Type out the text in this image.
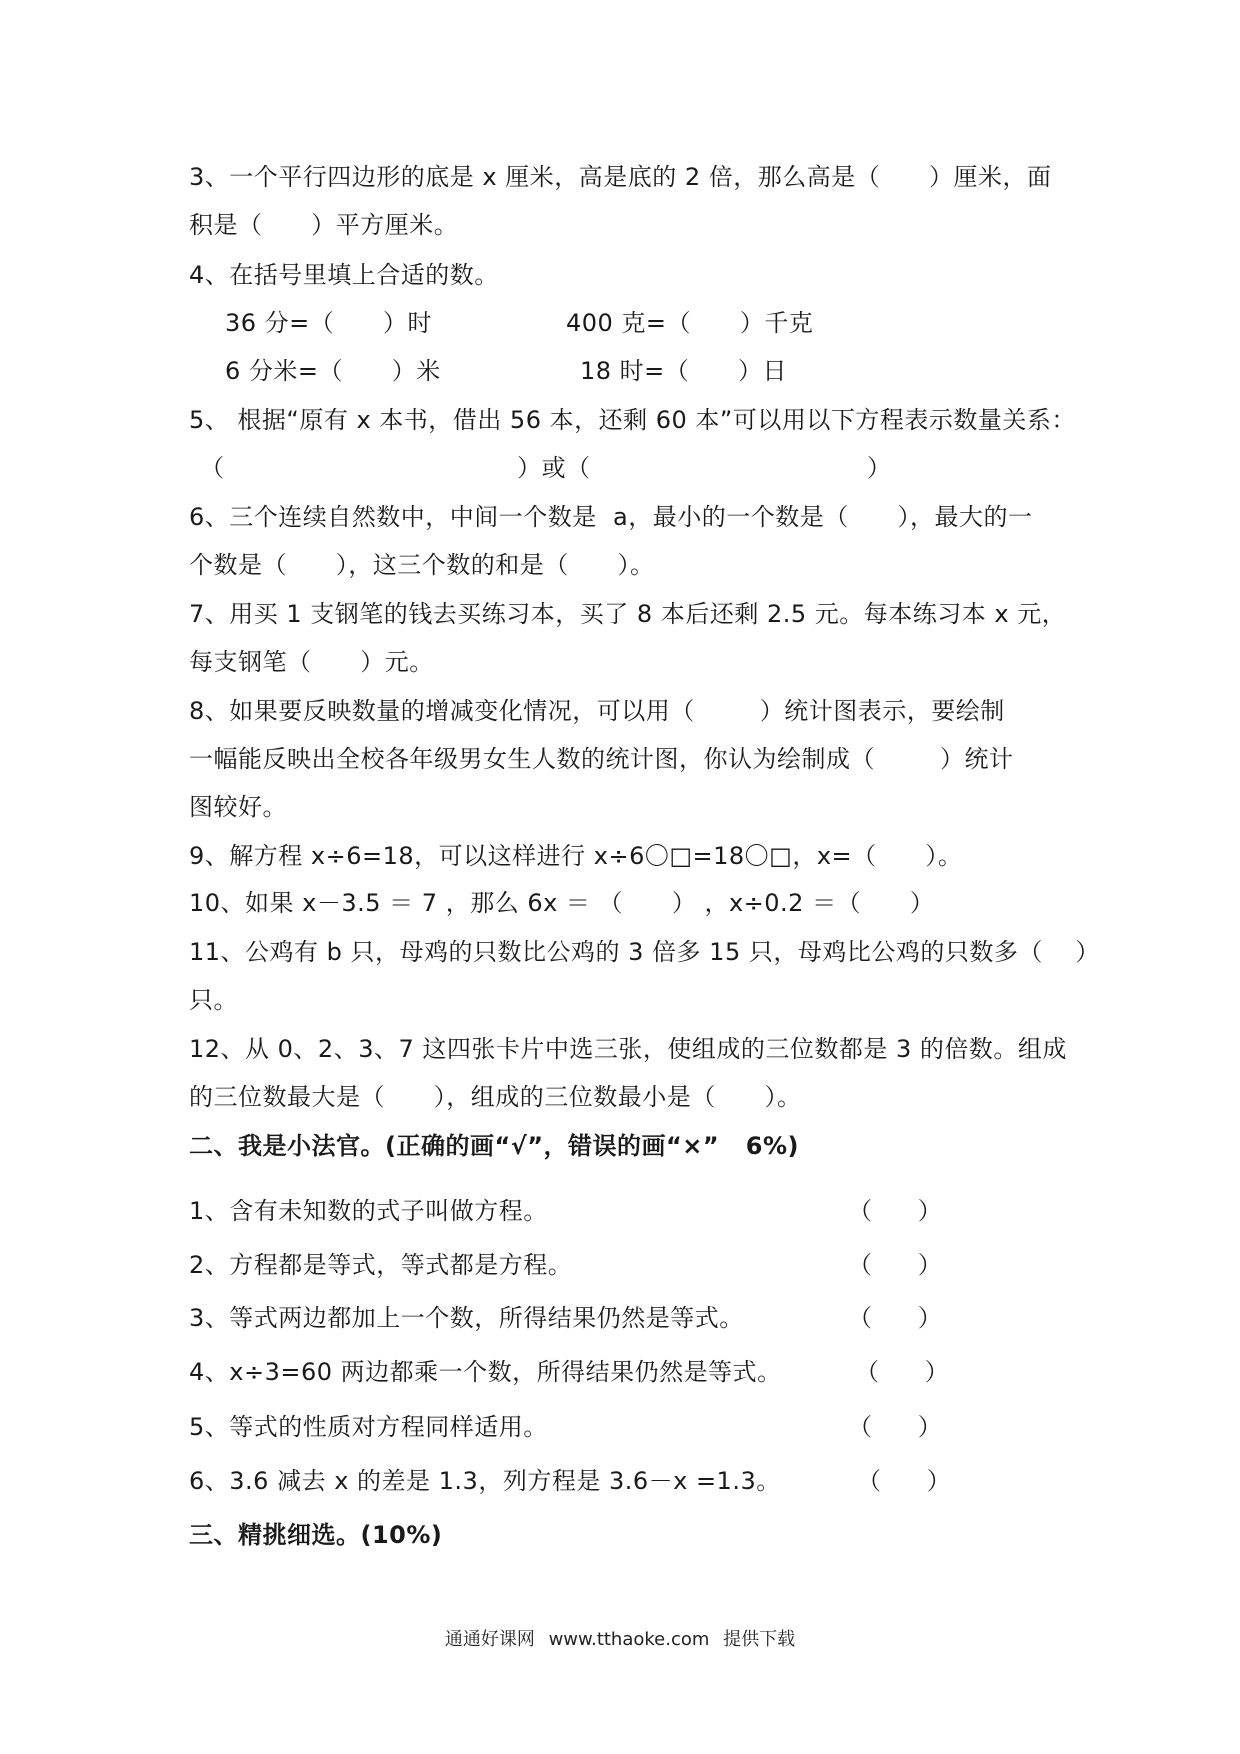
3、一个平行四边形的底是 x 厘米，高是底的 2 倍，那么高是（      ）厘米，面
积是（      ）平方厘米。
4、在括号里填上合适的数。
36 分=（      ）时	400 克=（      ）千克
6 分米=（      ）米	18 时=（      ）日
5、 根据“原有 x 本书，借出 56 本，还剩 60 本”可以用以下方程表示数量关系：
（                                    ）或（                                  ）
6、三个连续自然数中，中间一个数是  a，最小的一个数是（      ），最大的一
个数是（      ），这三个数的和是（      ）。
7、用买 1 支钢笔的钱去买练习本，买了 8 本后还剩 2.5 元。每本练习本 x 元，
每支钢笔（      ）元。
8、如果要反映数量的增减变化情况，可以用（        ）统计图表示，要绘制
一幅能反映出全校各年级男女生人数的统计图，你认为绘制成（        ）统计
图较好。
9、解方程 x÷6=18，可以这样进行 x÷6〇□=18〇□，x=（      ）。
10、如果 x－3.5 ＝ 7 ，那么 6x ＝ （      ） ，x÷0.2 ＝（      ）
11、公鸡有 b 只，母鸡的只数比公鸡的 3 倍多 15 只，母鸡比公鸡的只数多（    ）
只。
12、从 0、2、3、7 这四张卡片中选三张，使组成的三位数都是 3 的倍数。组成
的三位数最大是（      ），组成的三位数最小是（      ）。
二、我是小法官。(正确的画“√”，错误的画“×”   6%)
1、含有未知数的式子叫做方程。	（      ）
2、方程都是等式，等式都是方程。	（      ）
3、等式两边都加上一个数，所得结果仍然是等式。	（      ）
4、x÷3=60 两边都乘一个数，所得结果仍然是等式。	（      ）
5、等式的性质对方程同样适用。	（      ）
6、3.6 减去 x 的差是 1.3，列方程是 3.6－x =1.3。	（      ）
三、精挑细选。(10%)
通通好课网 www.tthaoke.com 提供下载
